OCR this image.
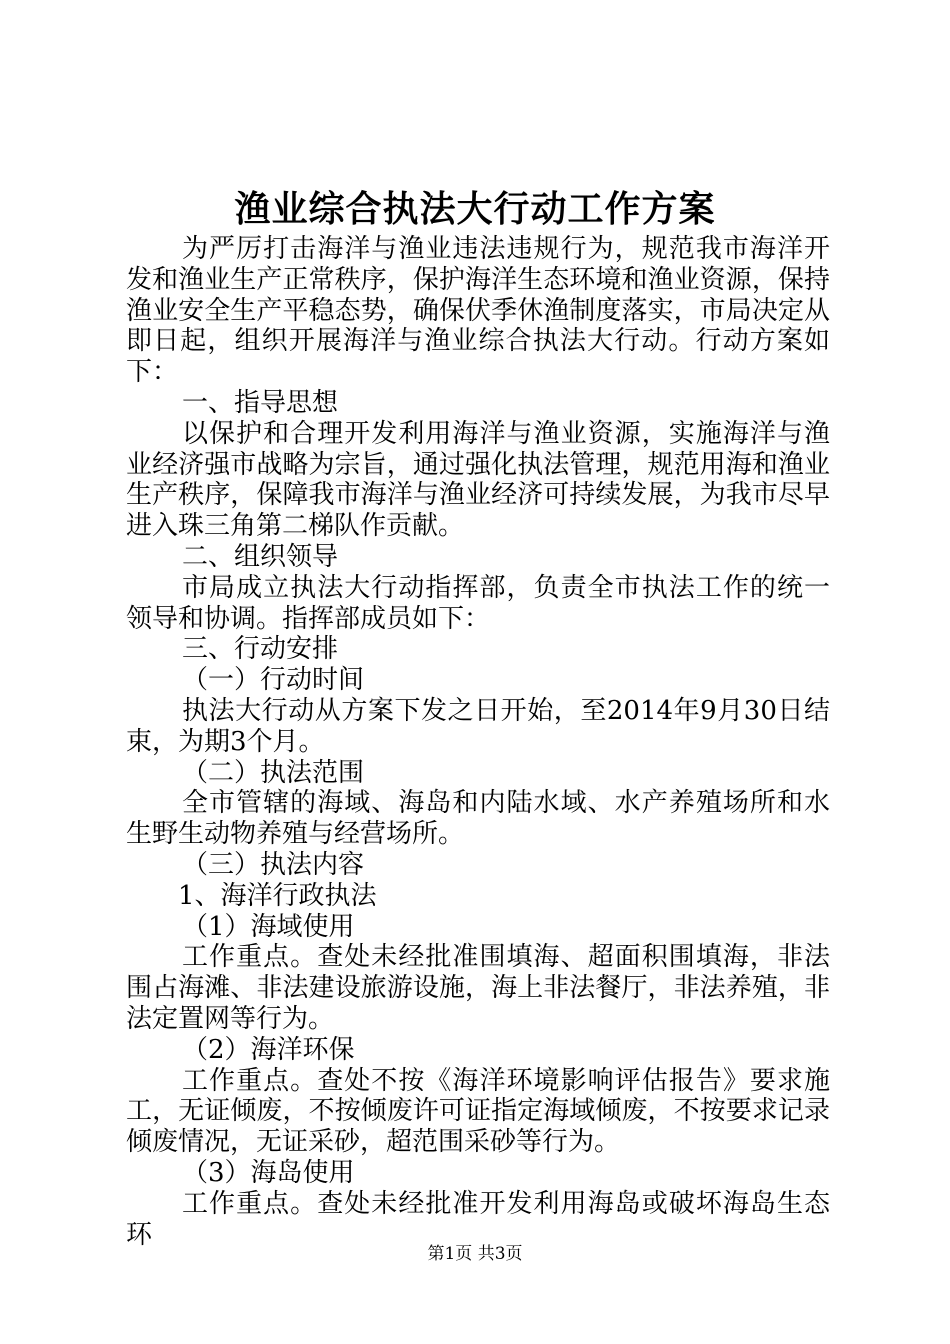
渔业综合执法大行动工作方案

为严厉打击海洋与渔业违法违规行为，规范我市海洋开发和渔业生产正常秩序，保护海洋生态环境和渔业资源，保持渔业安全生产平稳态势，确保伏季休渔制度落实，市局决定从即日起，组织开展海洋与渔业综合执法大行动。行动方案如下：

一、指导思想

以保护和合理开发利用海洋与渔业资源，实施海洋与渔业经济强市战略为宗旨，通过强化执法管理，规范用海和渔业生产秩序，保障我市海洋与渔业经济可持续发展，为我市尽早进入珠三角第二梯队作贡献。

二、组织领导

市局成立执法大行动指挥部，负责全市执法工作的统一领导和协调。指挥部成员如下：

三、行动安排

（一）行动时间

执法大行动从方案下发之日开始，至2014年9月30日结束，为期3个月。

（二）执法范围

全市管辖的海域、海岛和内陆水域、水产养殖场所和水生野生动物养殖与经营场所。

（三）执法内容

1、海洋行政执法

（1）海域使用

工作重点。查处未经批准围填海、超面积围填海，非法围占海滩、非法建设旅游设施，海上非法餐厅，非法养殖，非法定置网等行为。

（2）海洋环保

工作重点。查处不按《海洋环境影响评估报告》要求施工，无证倾废，不按倾废许可证指定海域倾废，不按要求记录倾废情况，无证采砂，超范围采砂等行为。

（3）海岛使用

工作重点。查处未经批准开发利用海岛或破坏海岛生态环

第1页 共3页
